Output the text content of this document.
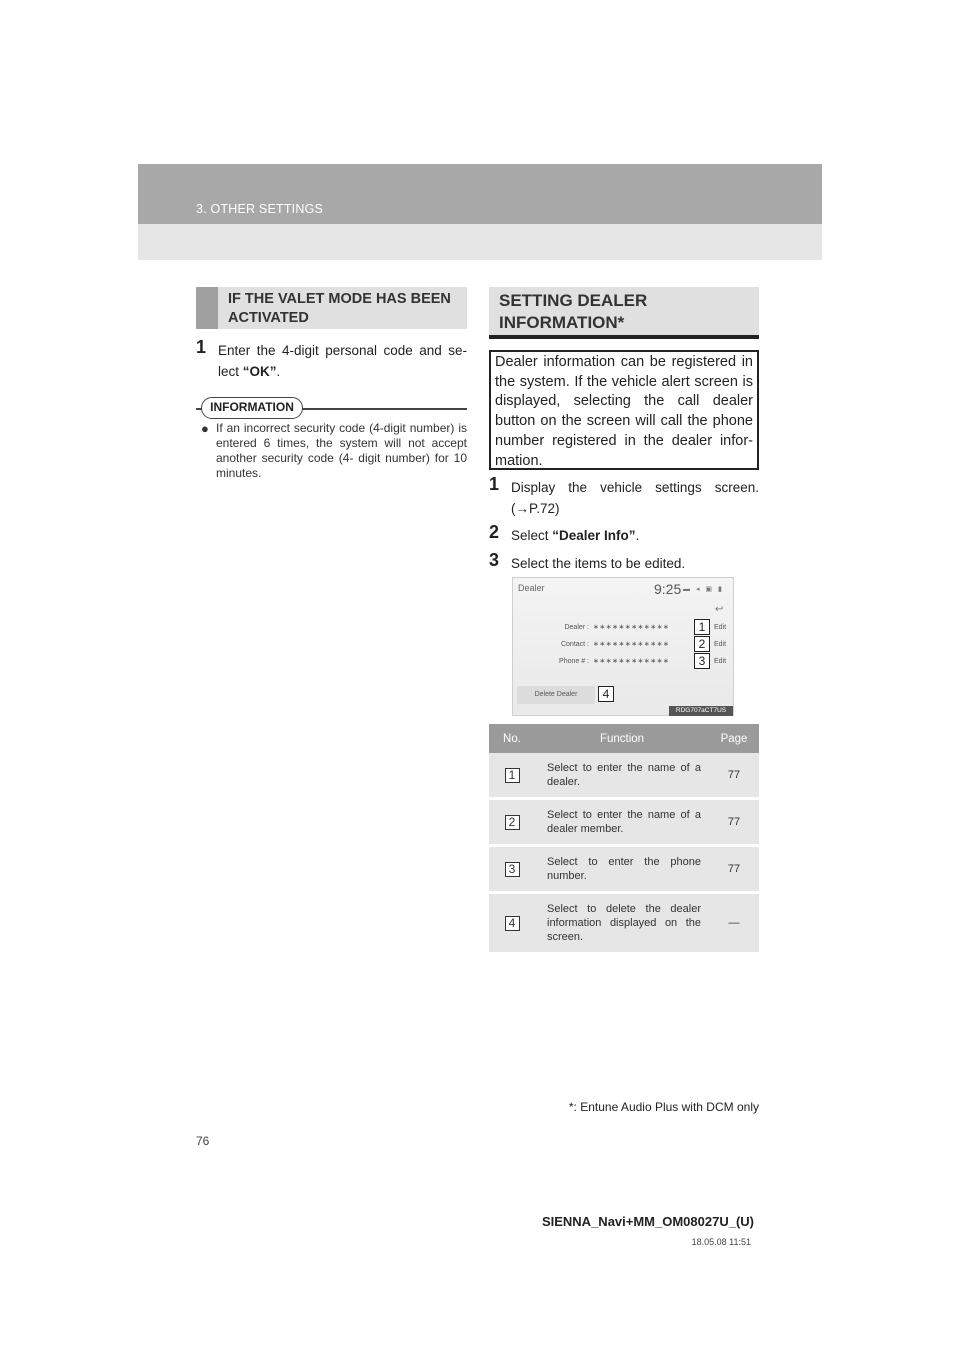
3. OTHER SETTINGS
IF THE VALET MODE HAS BEEN ACTIVATED
1 Enter the 4-digit personal code and se- lect “OK”.
INFORMATION
● If an incorrect security code (4-digit number) is entered 6 times, the system will not accept another security code (4- digit number) for 10 minutes.
SETTING DEALER INFORMATION*
Dealer information can be registered in the system. If the vehicle alert screen is displayed, selecting the call dealer button on the screen will call the phone number registered in the dealer infor- mation.
1 Display the vehicle settings screen. (→P.72)
2 Select “Dealer Info”.
3 Select the items to be edited.
Dealer	9:25 ▬ ◂ ▣ ▮
↩
Dealer : ∗∗∗∗∗∗∗∗∗∗∗∗	Edit
Contact : ∗∗∗∗∗∗∗∗∗∗∗∗	Edit
Phone # : ∗∗∗∗∗∗∗∗∗∗∗∗	Edit
Delete Dealer
1
2
3
4
RDG707aCT7US
No.	Function	Page
1	Select to enter the name of a dealer.	77
2	Select to enter the name of a dealer member.	77
3	Select to enter the phone number.	77
4	Select to delete the dealer information displayed on the screen.	—
*: Entune Audio Plus with DCM only
76
SIENNA_Navi+MM_OM08027U_(U)
18.05.08 11:51
